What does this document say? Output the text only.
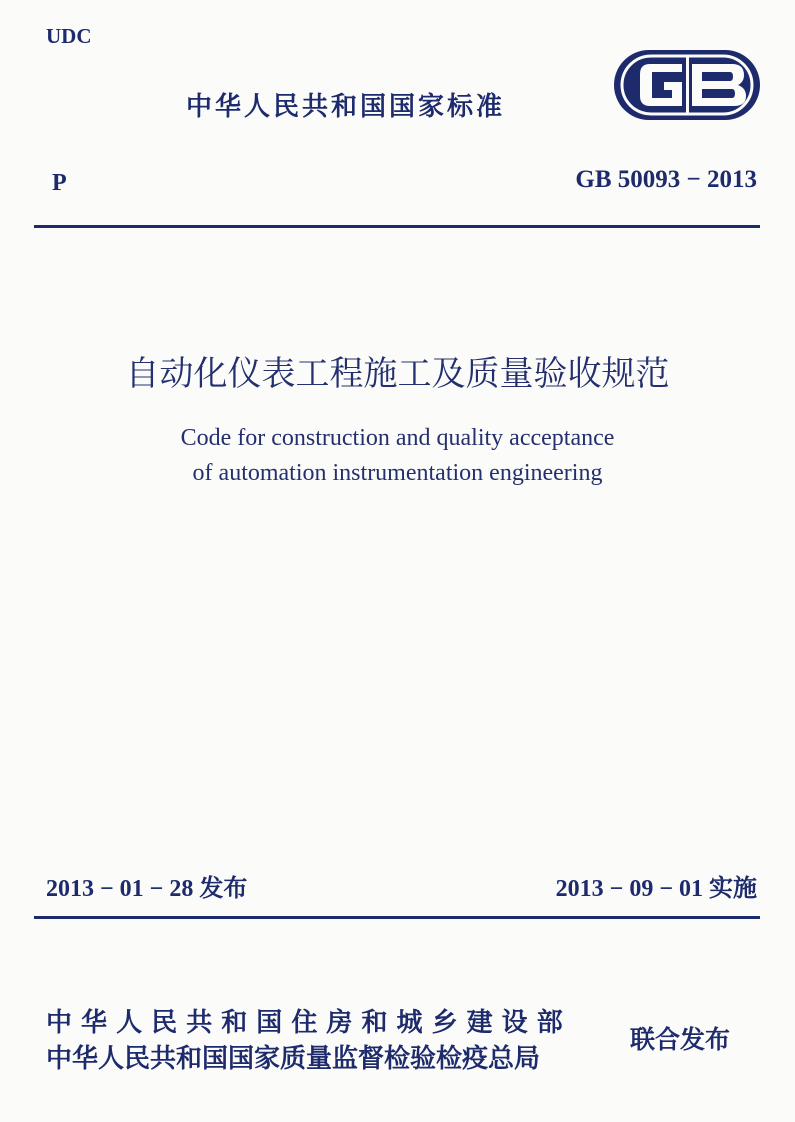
UDC
中华人民共和国国家标准
P	GB 50093 − 2013
自动化仪表工程施工及质量验收规范
Code for construction and quality acceptance
of automation instrumentation engineering
2013 − 01 − 28 发布	2013 − 09 − 01 实施
中 华 人 民 共 和 国 住 房 和 城 乡 建 设 部
中华人民共和国国家质量监督检验检疫总局
联合发布
